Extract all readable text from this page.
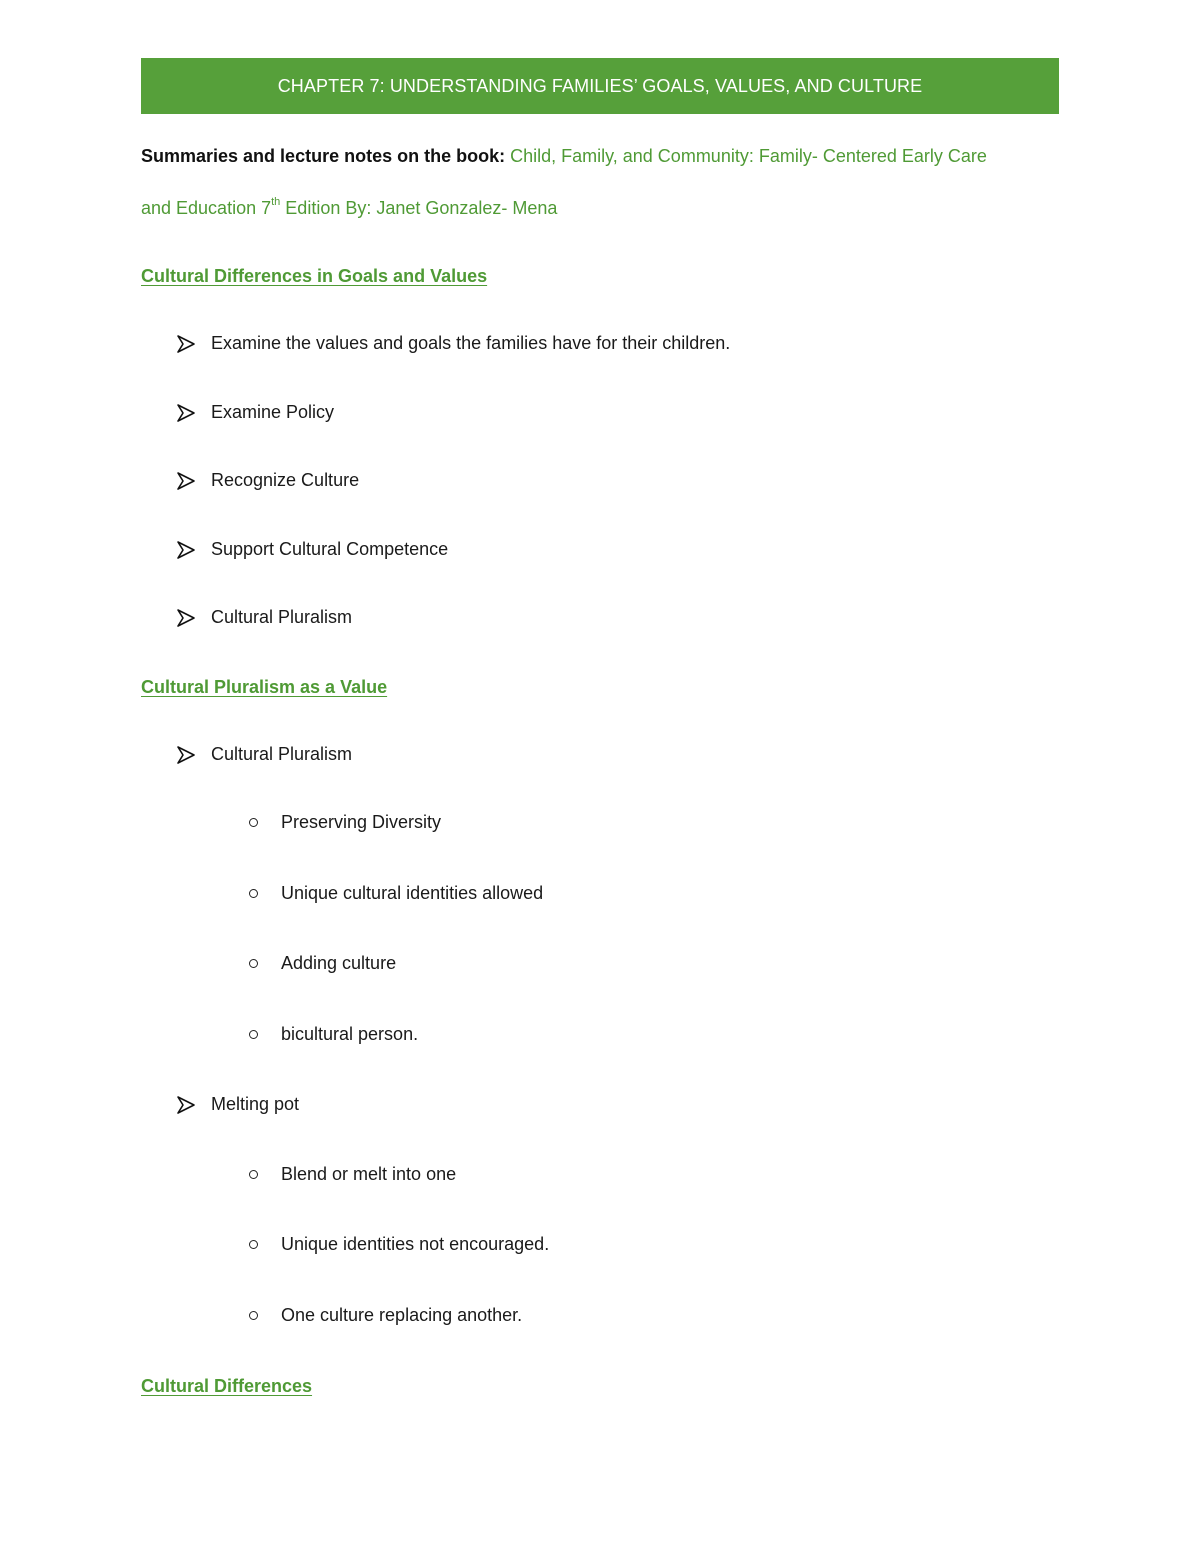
CHAPTER 7: UNDERSTANDING FAMILIES’ GOALS, VALUES, AND CULTURE
Summaries and lecture notes on the book: Child, Family, and Community: Family- Centered Early Care
and Education 7th Edition By: Janet Gonzalez- Mena
Cultural Differences in Goals and Values
Examine the values and goals the families have for their children.
Examine Policy
Recognize Culture
Support Cultural Competence
Cultural Pluralism
Cultural Pluralism as a Value
Cultural Pluralism
Preserving Diversity
Unique cultural identities allowed
Adding culture
bicultural person.
Melting pot
Blend or melt into one
Unique identities not encouraged.
One culture replacing another.
Cultural Differences
